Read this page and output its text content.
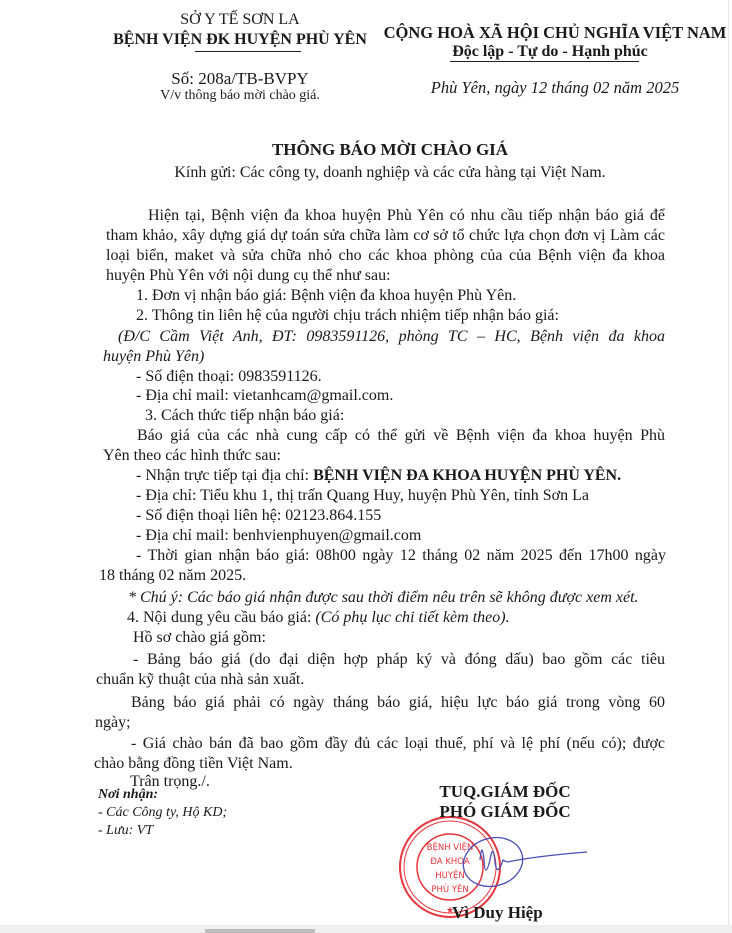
SỞ Y TẾ SƠN LA
BỆNH VIỆN ĐK HUYỆN PHÙ YÊN
Số: 208a/TB-BVPY
V/v thông báo mời chào giá.
CỘNG HOÀ XÃ HỘI CHỦ NGHĨA VIỆT NAM
Độc lập - Tự do - Hạnh phúc
Phù Yên, ngày 12 tháng 02 năm 2025
THÔNG BÁO MỜI CHÀO GIÁ
Kính gửi: Các công ty, doanh nghiệp và các cửa hàng tại Việt Nam.
Hiện tại, Bệnh viện đa khoa huyện Phù Yên có nhu cầu tiếp nhận báo giá để
tham khảo, xây dựng giá dự toán sửa chữa làm cơ sở tổ chức lựa chọn đơn vị Làm các
loại biển, maket và sửa chữa nhỏ cho các khoa phòng của của Bệnh viện đa khoa
huyện Phù Yên với nội dung cụ thể như sau:
1. Đơn vị nhận báo giá: Bệnh viện đa khoa huyện Phù Yên.
2. Thông tin liên hệ của người chịu trách nhiệm tiếp nhận báo giá:
(Đ/C Cầm Việt Anh, ĐT: 0983591126, phòng TC – HC, Bệnh viện đa khoa
huyện Phù Yên)
- Số điện thoại: 0983591126.
- Địa chỉ mail: vietanhcam@gmail.com.
3. Cách thức tiếp nhận báo giá:
Báo giá của các nhà cung cấp có thể gửi về Bệnh viện đa khoa huyện Phù
Yên theo các hình thức sau:
- Nhận trực tiếp tại địa chỉ: BỆNH VIỆN ĐA KHOA HUYỆN PHÙ YÊN.
- Địa chỉ: Tiểu khu 1, thị trấn Quang Huy, huyện Phù Yên, tỉnh Sơn La
- Số điện thoại liên hệ: 02123.864.155
- Địa chỉ mail: benhvienphuyen@gmail.com
- Thời gian nhận báo giá: 08h00 ngày 12 tháng 02 năm 2025 đến 17h00 ngày
18 tháng 02 năm 2025.
* Chú ý: Các báo giá nhận được sau thời điểm nêu trên sẽ không được xem xét.
4. Nội dung yêu cầu báo giá: (Có phụ lục chi tiết kèm theo).
Hồ sơ chào giá gồm:
- Bảng báo giá (do đại diện hợp pháp ký và đóng dấu) bao gồm các tiêu
chuẩn kỹ thuật của nhà sản xuất.
Bảng báo giá phải có ngày tháng báo giá, hiệu lực báo giá trong vòng 60
ngày;
- Giá chào bán đã bao gồm đầy đủ các loại thuế, phí và lệ phí (nếu có); được
chào bằng đồng tiền Việt Nam.
Trân trọng./.
Nơi nhận:
- Các Công ty, Hộ KD;
- Lưu: VT
BỆNH VIỆN
ĐA KHOA
HUYỆN
PHÙ YÊN
★
TUQ.GIÁM ĐỐC
PHÓ GIÁM ĐỐC
Vì Duy Hiệp
